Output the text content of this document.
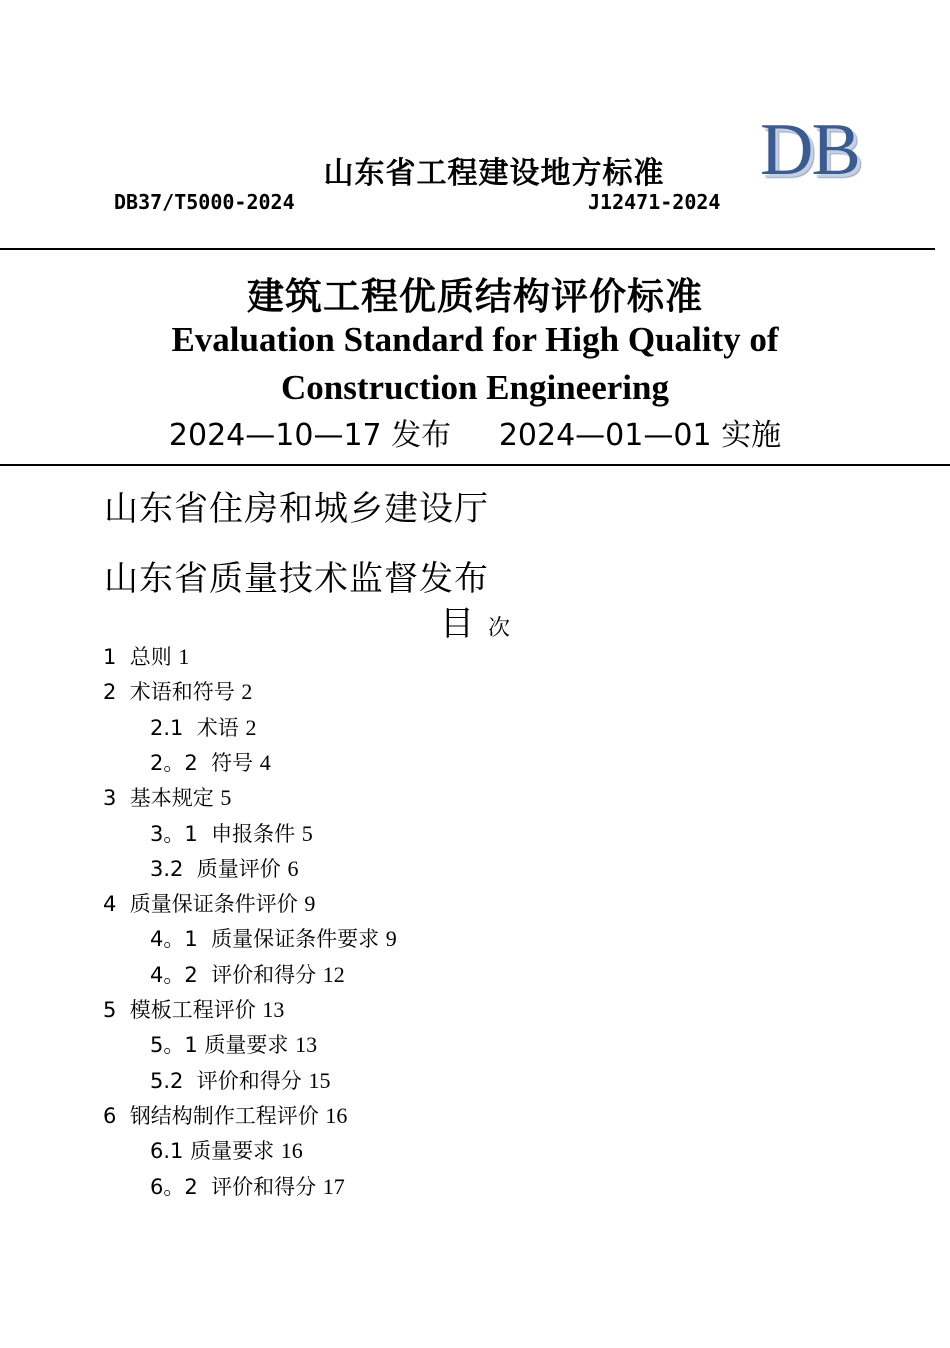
山东省工程建设地方标准	DB
DB37/T5000-2024	J12471-2024
建筑工程优质结构评价标准
Evaluation Standard for High Quality of
Construction Engineering
2024—10—17 发布     2024—01—01 实施
山东省住房和城乡建设厅
山东省质量技术监督发布
目次
1  总则 1
2  术语和符号 2
2.1  术语 2
2。2  符号 4
3  基本规定 5
3。1  申报条件 5
3.2  质量评价 6
4  质量保证条件评价 9
4。1  质量保证条件要求 9
4。2  评价和得分 12
5  模板工程评价 13
5。1 质量要求 13
5.2  评价和得分 15
6  钢结构制作工程评价 16
6.1 质量要求 16
6。2  评价和得分 17
